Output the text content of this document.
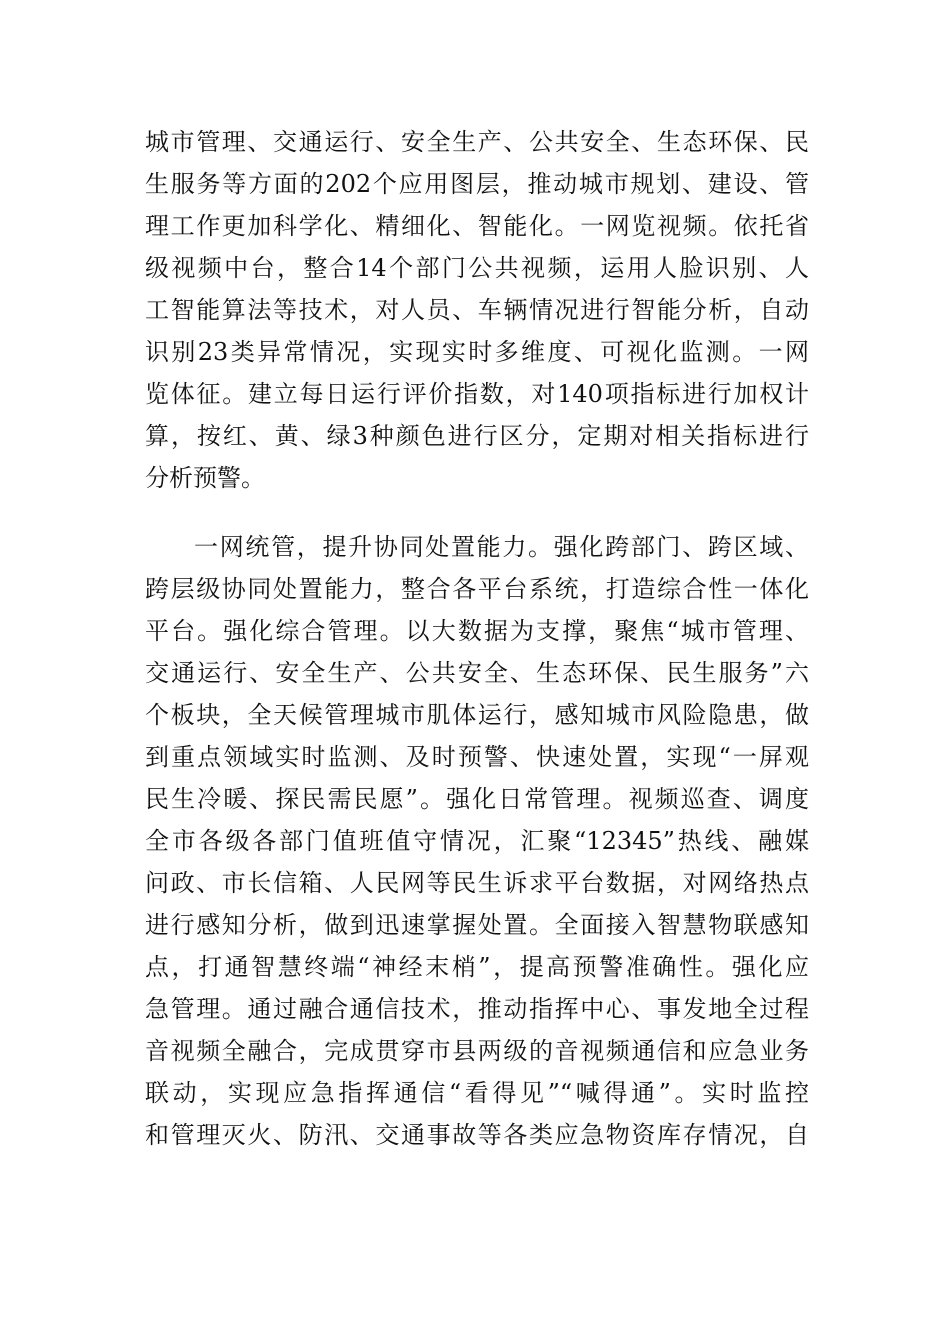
城市管理、交通运行、安全生产、公共安全、生态环保、民
生服务等方面的202个应用图层，推动城市规划、建设、管
理工作更加科学化、精细化、智能化。一网览视频。依托省
级视频中台，整合14个部门公共视频，运用人脸识别、人
工智能算法等技术，对人员、车辆情况进行智能分析，自动
识别23类异常情况，实现实时多维度、可视化监测。一网
览体征。建立每日运行评价指数，对140项指标进行加权计
算，按红、黄、绿3种颜色进行区分，定期对相关指标进行
分析预警。
一网统管，提升协同处置能力。强化跨部门、跨区域、
跨层级协同处置能力，整合各平台系统，打造综合性一体化
平台。强化综合管理。以大数据为支撑，聚焦“城市管理、
交通运行、安全生产、公共安全、生态环保、民生服务”六
个板块，全天候管理城市肌体运行，感知城市风险隐患，做
到重点领域实时监测、及时预警、快速处置，实现“一屏观
民生冷暖、探民需民愿”。强化日常管理。视频巡查、调度
全市各级各部门值班值守情况，汇聚“12345”热线、融媒
问政、市长信箱、人民网等民生诉求平台数据，对网络热点
进行感知分析，做到迅速掌握处置。全面接入智慧物联感知
点，打通智慧终端“神经末梢”，提高预警准确性。强化应
急管理。通过融合通信技术，推动指挥中心、事发地全过程
音视频全融合，完成贯穿市县两级的音视频通信和应急业务
联动，实现应急指挥通信“看得见”“喊得通”。实时监控
和管理灭火、防汛、交通事故等各类应急物资库存情况，自
